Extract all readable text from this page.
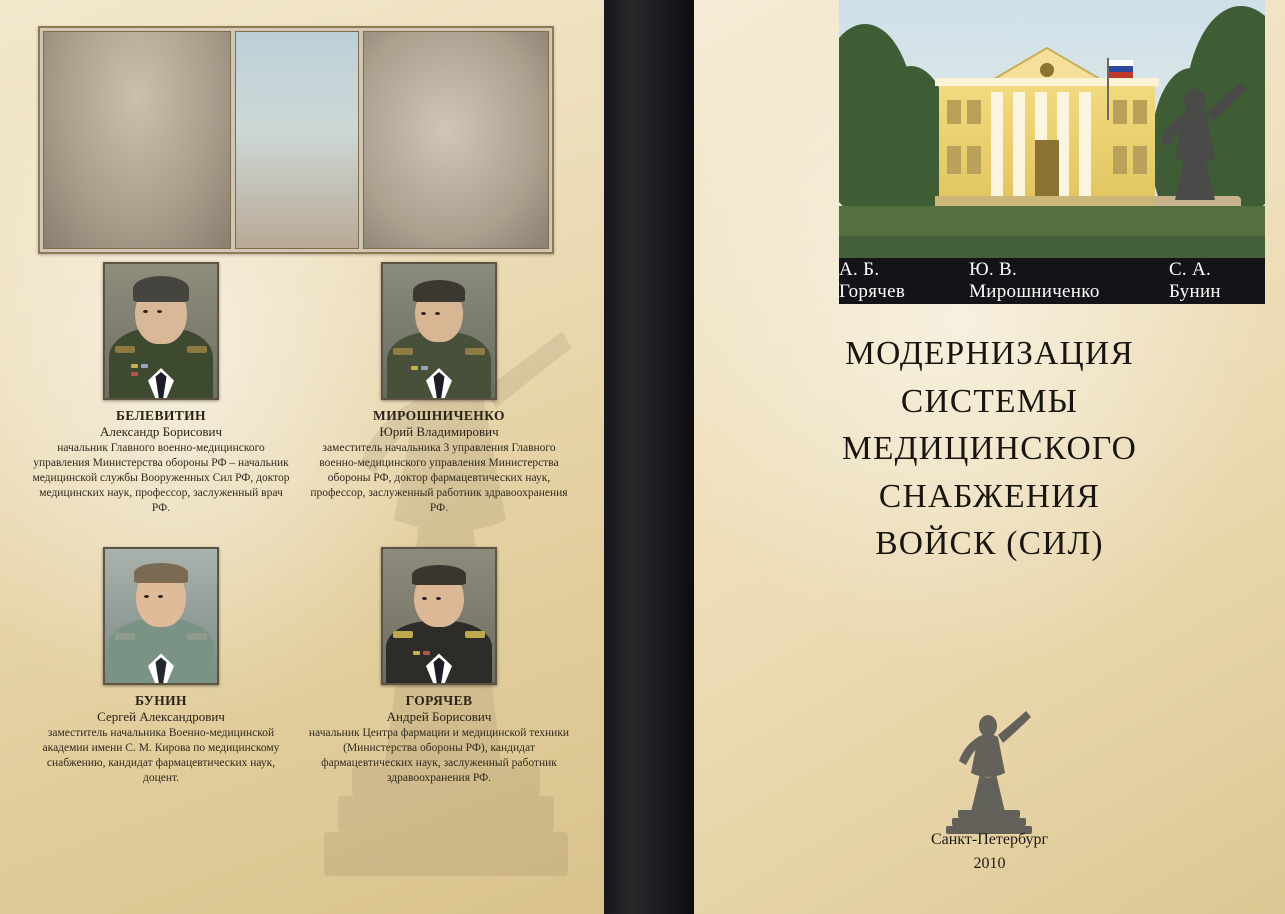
БЕЛЕВИТИН
Александр Борисович
начальник Главного военно-медицинского управления Министерства обороны РФ – начальник медицинской службы Вооруженных Сил РФ, доктор медицинских наук, профессор, заслуженный врач РФ.
МИРОШНИЧЕНКО
Юрий Владимирович
заместитель начальника 3 управления Главного военно-медицинского управления Министерства обороны РФ, доктор фармацевтических наук, профессор, заслуженный работник здравоохранения РФ.
БУНИН
Сергей Александрович
заместитель начальника Военно-медицинской академии имени С. М. Кирова по медицинскому снабжению, кандидат фармацевтических наук, доцент.
ГОРЯЧЕВ
Андрей Борисович
начальник Центра фармации и медицинской техники (Министерства обороны РФ), кандидат фармацевтических наук, заслуженный работник здравоохранения РФ.
А. Б. Горячев
Ю. В. Мирошниченко
С. А. Бунин
МОДЕРНИЗАЦИЯ
СИСТЕМЫ
МЕДИЦИНСКОГО
СНАБЖЕНИЯ
ВОЙСК (СИЛ)
Санкт-Петербург
2010
